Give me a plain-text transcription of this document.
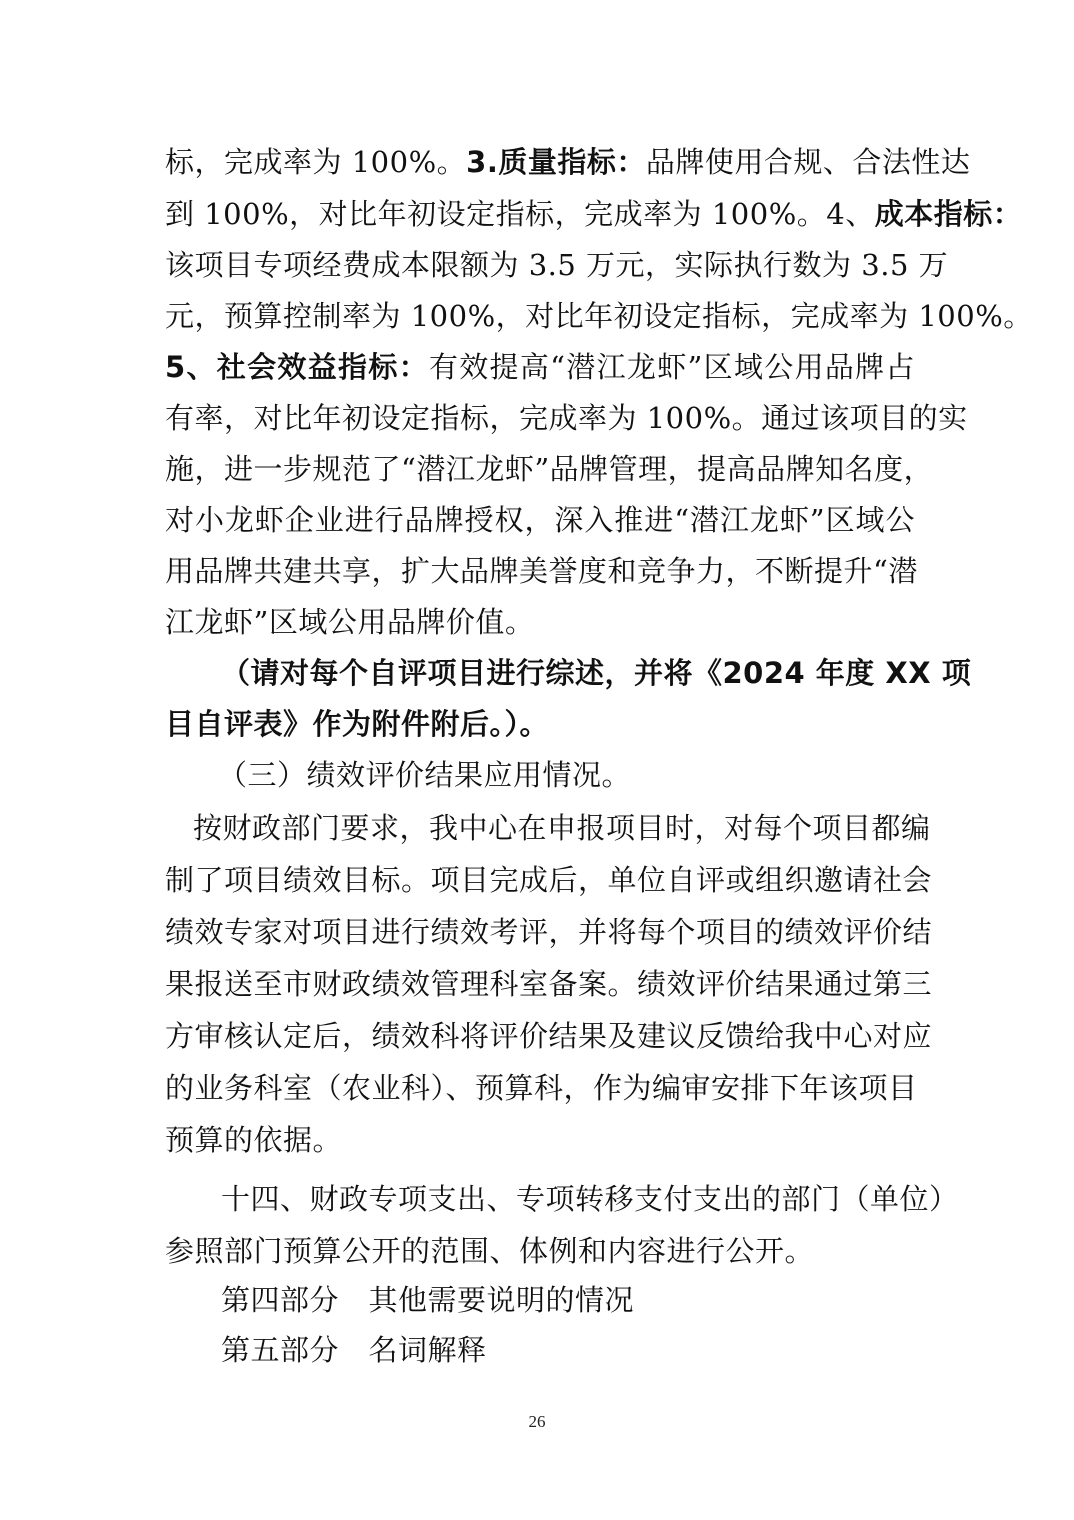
标，完成率为 100%。3.质量指标：品牌使用合规、合法性达
到 100%，对比年初设定指标，完成率为 100%。4、成本指标：
该项目专项经费成本限额为 3.5 万元，实际执行数为 3.5 万
元，预算控制率为 100%，对比年初设定指标，完成率为 100%。
5、社会效益指标：有效提高“潜江龙虾”区域公用品牌占
有率，对比年初设定指标，完成率为 100%。通过该项目的实
施，进一步规范了“潜江龙虾”品牌管理，提高品牌知名度，
对小龙虾企业进行品牌授权，深入推进“潜江龙虾”区域公
用品牌共建共享，扩大品牌美誉度和竞争力，不断提升“潜
江龙虾”区域公用品牌价值。
（请对每个自评项目进行综述，并将《2024 年度 XX 项
目自评表》作为附件附后。）。
（三）绩效评价结果应用情况。
按财政部门要求，我中心在申报项目时，对每个项目都编
制了项目绩效目标。项目完成后，单位自评或组织邀请社会
绩效专家对项目进行绩效考评，并将每个项目的绩效评价结
果报送至市财政绩效管理科室备案。绩效评价结果通过第三
方审核认定后，绩效科将评价结果及建议反馈给我中心对应
的业务科室（农业科）、预算科，作为编审安排下年该项目
预算的依据。
十四、财政专项支出、专项转移支付支出的部门（单位）
参照部门预算公开的范围、体例和内容进行公开。
第四部分　其他需要说明的情况
第五部分　名词解释
26
